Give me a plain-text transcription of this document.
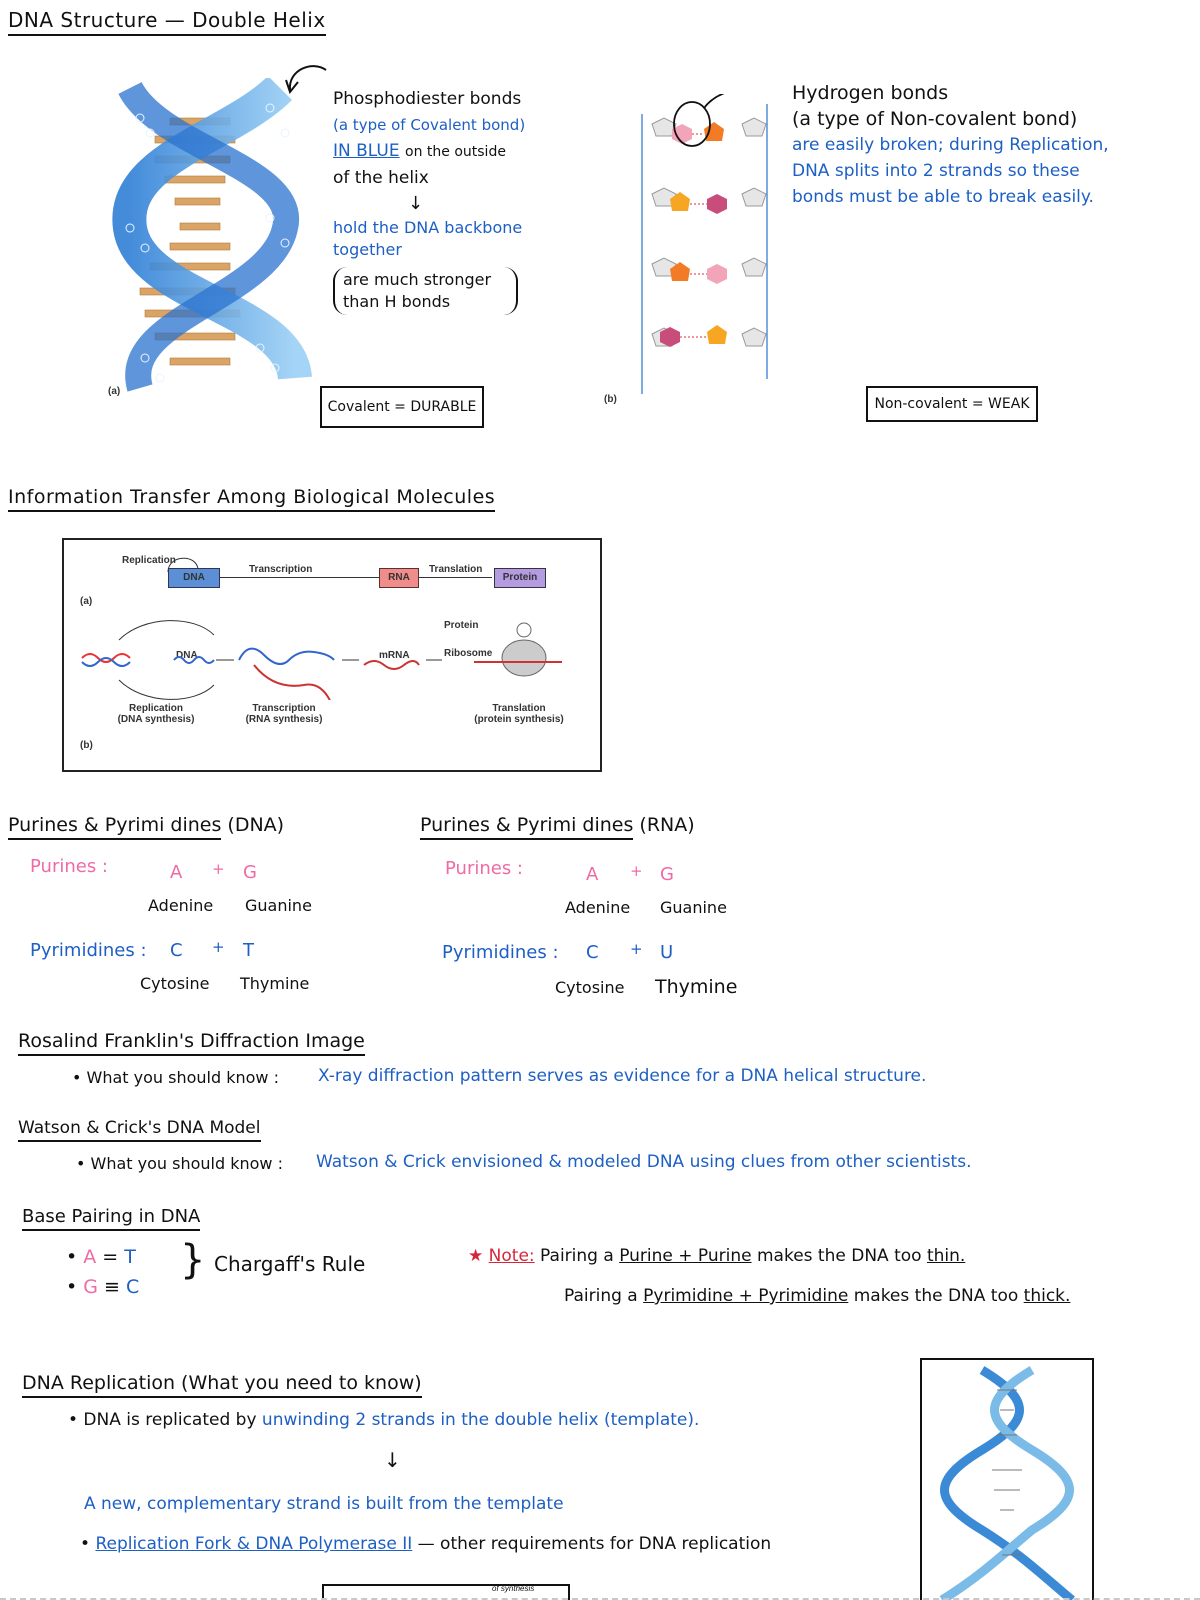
DNA Structure — Double Helix
(a)
Phosphodiester bonds
(a type of Covalent bond)
IN BLUE on the outside
of the helix
↓
hold the DNA backbone
together
are much stronger
than H bonds
Covalent = DURABLE	(b)
Hydrogen bonds
(a type of Non-covalent bond)
are easily broken; during Replication,
DNA splits into 2 strands so these
bonds must be able to break easily.
Non-covalent = WEAK
Information Transfer Among Biological Molecules
(a)
(b)
Replication
DNA
Transcription
RNA
Translation
Protein
DNA	mRNA
Protein
Ribosome
Replication
(DNA synthesis)
Transcription
(RNA synthesis)
Translation
(protein synthesis)
Purines & Pyrimi dines (DNA)
Purines :	A + G
Adenine Guanine
Pyrimidines : C + T
Cytosine Thymine
Purines & Pyrimi dines (RNA)
Purines :	A + G
Adenine Guanine
Pyrimidines : C + U
Cytosine Thymine
Rosalind Franklin's Diffraction Image
• What you should know : X-ray diffraction pattern serves as evidence for a DNA helical structure.
Watson & Crick's DNA Model
• What you should know : Watson & Crick envisioned & modeled DNA using clues from other scientists.
Base Pairing in DNA
• A = T
• G ≡ C
} Chargaff's Rule	★ Note: Pairing a Purine + Purine makes the DNA too thin.
Pairing a Pyrimidine + Pyrimidine makes the DNA too thick.
DNA Replication (What you need to know)
• DNA is replicated by unwinding 2 strands in the double helix (template).
↓
A new, complementary strand is built from the template
• Replication Fork & DNA Polymerase II — other requirements for DNA replication
of synthesis
